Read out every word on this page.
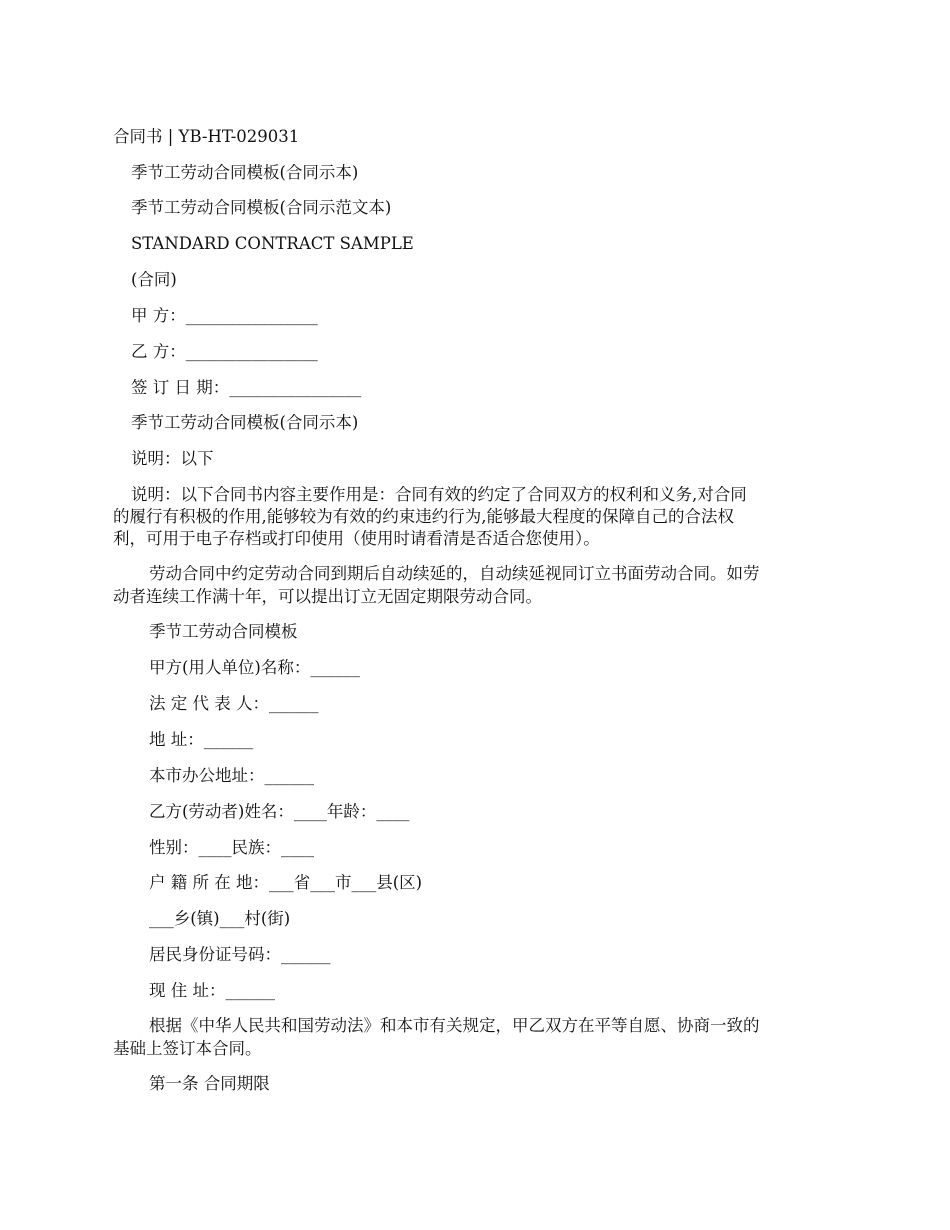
合同书 | YB-HT-029031

季节工劳动合同模板(合同示本)

季节工劳动合同模板(合同示范文本)

STANDARD CONTRACT SAMPLE

(合同)

甲 方：________________

乙 方：________________

签 订 日 期：________________

季节工劳动合同模板(合同示本)

说明：以下

说明：以下合同书内容主要作用是：合同有效的约定了合同双方的权利和义务,对合同

的履行有积极的作用,能够较为有效的约束违约行为,能够最大程度的保障自己的合法权

利，可用于电子存档或打印使用（使用时请看清是否适合您使用）。

劳动合同中约定劳动合同到期后自动续延的，自动续延视同订立书面劳动合同。如劳

动者连续工作满十年，可以提出订立无固定期限劳动合同。

季节工劳动合同模板

甲方(用人单位)名称：______

法 定 代 表 人：______

地 址：______

本市办公地址：______

乙方(劳动者)姓名：____年龄：____

性别：____民族：____

户 籍 所 在 地：___省___市___县(区)

___乡(镇)___村(街)

居民身份证号码：______

现 住 址：______

根据《中华人民共和国劳动法》和本市有关规定，甲乙双方在平等自愿、协商一致的

基础上签订本合同。

第一条 合同期限
